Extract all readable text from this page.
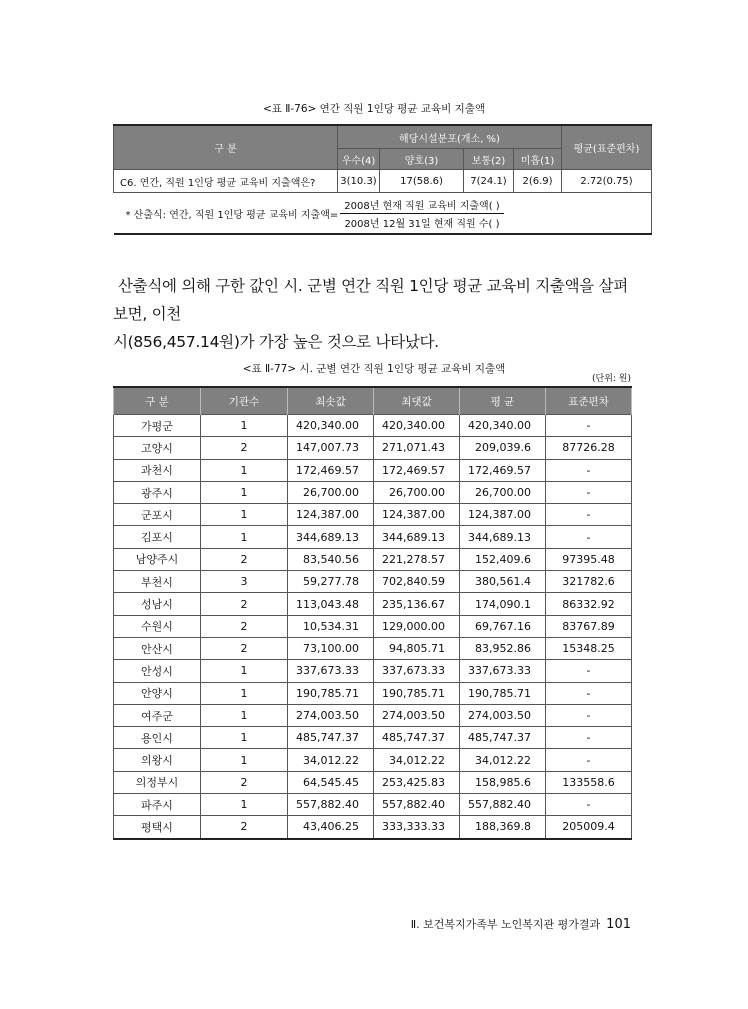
<표 Ⅱ-76> 연간 직원 1인당 평균 교육비 지출액
구 분	해당시설분포(개소, %)				평균(표준편차)
	우수(4)	양호(3)	보통(2)	미흡(1)	
C6. 연간, 직원 1인당 평균 교육비 지출액은?	3(10.3)	17(58.6)	7(24.1)	2(6.9)	2.72(0.75)

* 산출식: 연간, 직원 1인당 평균 교육비 지출액= $\frac{\text{2008년 현재 직원 교육비 지출액( )}}{\text{2008년 12월 31일 현재 직원 수( )}}$
산출식에 의해 구한 값인 시. 군별 연간 직원 1인당 평균 교육비 지출액을 살펴보면, 이천
시(856,457.14원)가 가장 높은 것으로 나타났다.
<표 Ⅱ-77> 시. 군별 연간 직원 1인당 평균 교육비 지출액
(단위: 원)
구 분	기관수	최솟값	최댓값	평 균	표준편차
가평군	1	420,340.00	420,340.00	420,340.00	-
고양시	2	147,007.73	271,071.43	209,039.6	87726.28
과천시	1	172,469.57	172,469.57	172,469.57	-
광주시	1	26,700.00	26,700.00	26,700.00	-
군포시	1	124,387.00	124,387.00	124,387.00	-
김포시	1	344,689.13	344,689.13	344,689.13	-
남양주시	2	83,540.56	221,278.57	152,409.6	97395.48
부천시	3	59,277.78	702,840.59	380,561.4	321782.6
성남시	2	113,043.48	235,136.67	174,090.1	86332.92
수원시	2	10,534.31	129,000.00	69,767.16	83767.89
안산시	2	73,100.00	94,805.71	83,952.86	15348.25
안성시	1	337,673.33	337,673.33	337,673.33	-
안양시	1	190,785.71	190,785.71	190,785.71	-
여주군	1	274,003.50	274,003.50	274,003.50	-
용인시	1	485,747.37	485,747.37	485,747.37	-
의왕시	1	34,012.22	34,012.22	34,012.22	-
의정부시	2	64,545.45	253,425.83	158,985.6	133558.6
파주시	1	557,882.40	557,882.40	557,882.40	-
평택시	2	43,406.25	333,333.33	188,369.8	205009.4
Ⅱ. 보건복지가족부 노인복지관 평가결과 101
